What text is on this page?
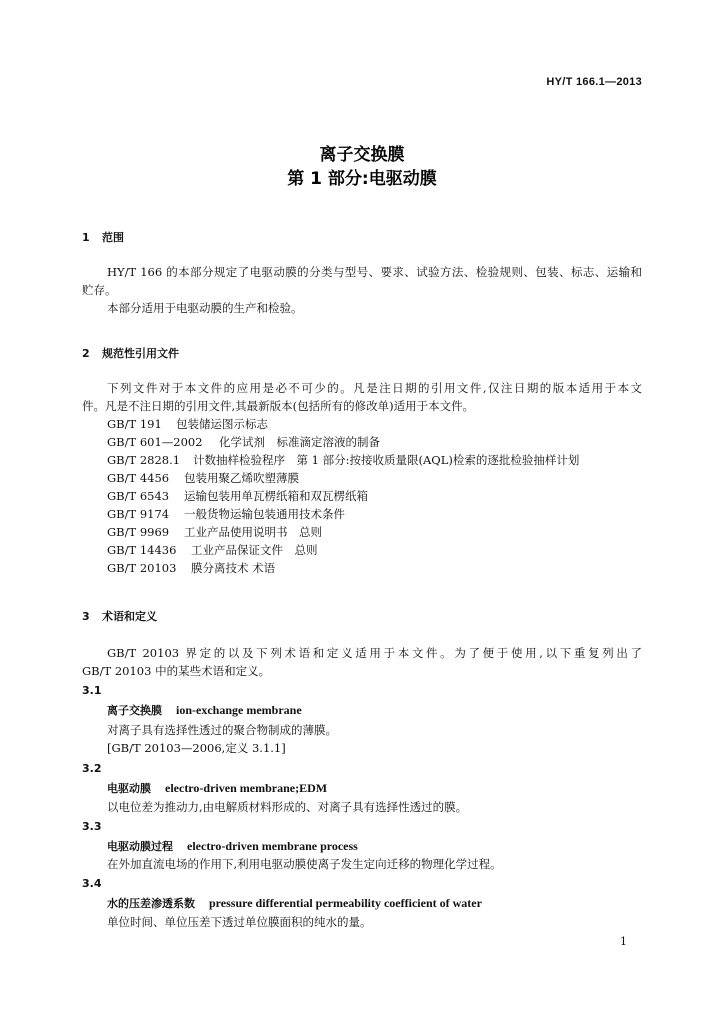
HY/T 166.1—2013
离子交换膜
第 1 部分:电驱动膜
1 范围
HY/T 166 的本部分规定了电驱动膜的分类与型号、要求、试验方法、检验规则、包装、标志、运输和
贮存。
本部分适用于电驱动膜的生产和检验。
2 规范性引用文件
下列文件对于本文件的应用是必不可少的。凡是注日期的引用文件,仅注日期的版本适用于本文
件。凡是不注日期的引用文件,其最新版本(包括所有的修改单)适用于本文件。
GB/T 191 包装储运图示标志
GB/T 601—2002 化学试剂　标准滴定溶液的制备
GB/T 2828.1 计数抽样检验程序　第 1 部分:按接收质量限(AQL)检索的逐批检验抽样计划
GB/T 4456 包装用聚乙烯吹塑薄膜
GB/T 6543 运输包装用单瓦楞纸箱和双瓦楞纸箱
GB/T 9174 一般货物运输包装通用技术条件
GB/T 9969 工业产品使用说明书　总则
GB/T 14436 工业产品保证文件　总则
GB/T 20103 膜分离技术 术语
3 术语和定义
GB/T 20103 界定的以及下列术语和定义适用于本文件。为了便于使用,以下重复列出了
GB/T 20103 中的某些术语和定义。
3.1
离子交换膜 ion-exchange membrane
对离子具有选择性透过的聚合物制成的薄膜。
[GB/T 20103—2006,定义 3.1.1]
3.2
电驱动膜 electro-driven membrane;EDM
以电位差为推动力,由电解质材料形成的、对离子具有选择性透过的膜。
3.3
电驱动膜过程 electro-driven membrane process
在外加直流电场的作用下,利用电驱动膜使离子发生定向迁移的物理化学过程。
3.4
水的压差渗透系数 pressure differential permeability coefficient of water
单位时间、单位压差下透过单位膜面积的纯水的量。
1
